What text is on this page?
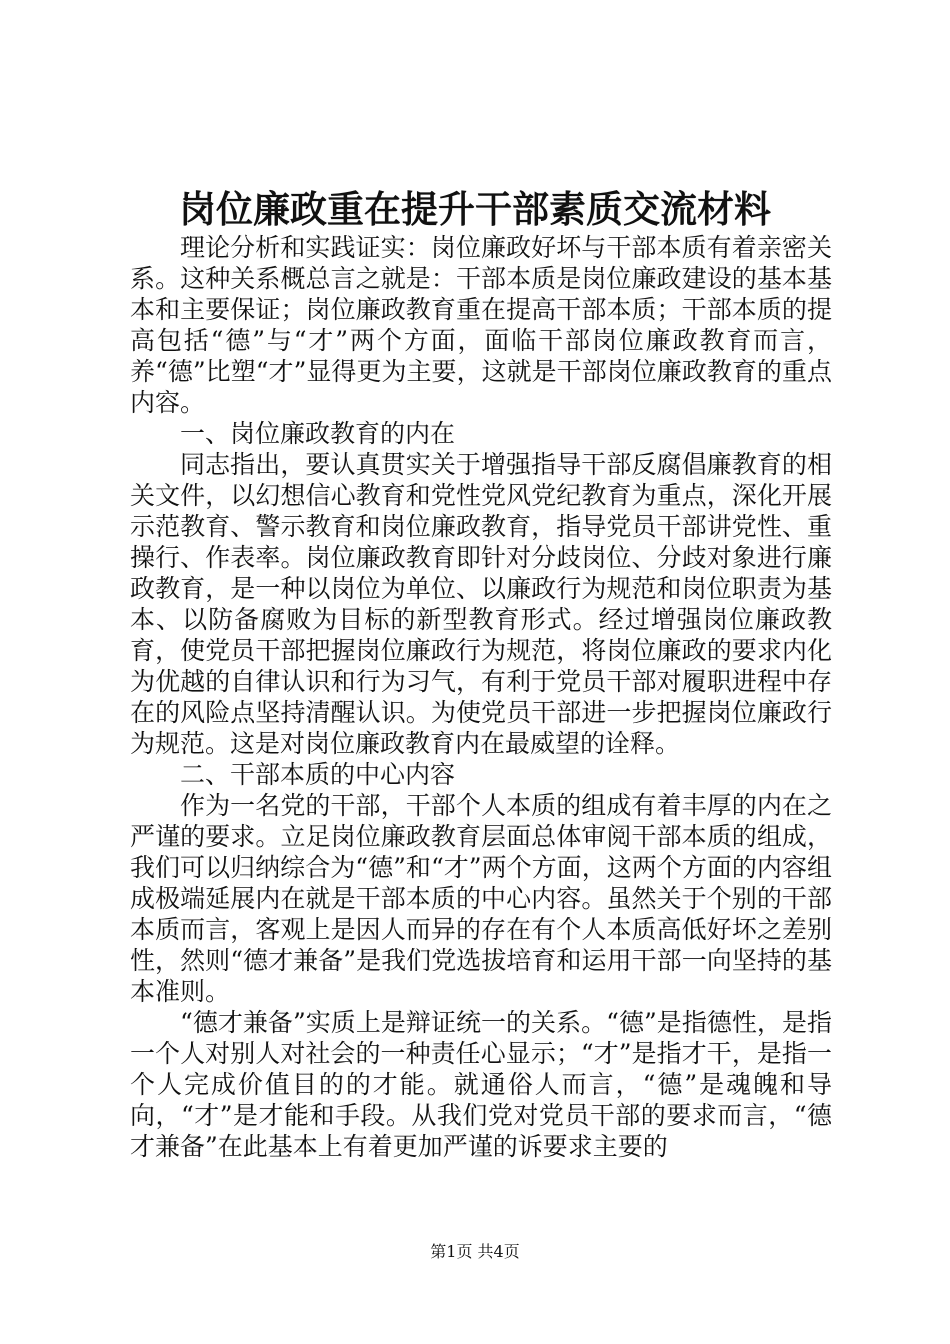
岗位廉政重在提升干部素质交流材料

理论分析和实践证实：岗位廉政好坏与干部本质有着亲密关系。这种关系概总言之就是：干部本质是岗位廉政建设的基本基本和主要保证；岗位廉政教育重在提高干部本质；干部本质的提高包括“德”与“才”两个方面，面临干部岗位廉政教育而言，养“德”比塑“才”显得更为主要，这就是干部岗位廉政教育的重点内容。

一、岗位廉政教育的内在

同志指出，要认真贯实关于增强指导干部反腐倡廉教育的相关文件，以幻想信心教育和党性党风党纪教育为重点，深化开展示范教育、警示教育和岗位廉政教育，指导党员干部讲党性、重操行、作表率。岗位廉政教育即针对分歧岗位、分歧对象进行廉政教育，是一种以岗位为单位、以廉政行为规范和岗位职责为基本、以防备腐败为目标的新型教育形式。经过增强岗位廉政教育，使党员干部把握岗位廉政行为规范，将岗位廉政的要求内化为优越的自律认识和行为习气，有利于党员干部对履职进程中存在的风险点坚持清醒认识。为使党员干部进一步把握岗位廉政行为规范。这是对岗位廉政教育内在最威望的诠释。

二、干部本质的中心内容

作为一名党的干部，干部个人本质的组成有着丰厚的内在之严谨的要求。立足岗位廉政教育层面总体审阅干部本质的组成，我们可以归纳综合为“德”和“才”两个方面，这两个方面的内容组成极端延展内在就是干部本质的中心内容。虽然关于个别的干部本质而言，客观上是因人而异的存在有个人本质高低好坏之差别性，然则“德才兼备”是我们党选拔培育和运用干部一向坚持的基本准则。

“德才兼备”实质上是辩证统一的关系。“德”是指德性，是指一个人对别人对社会的一种责任心显示；“才”是指才干，是指一个人完成价值目的的才能。就通俗人而言，“德”是魂魄和导向，“才”是才能和手段。从我们党对党员干部的要求而言，“德才兼备”在此基本上有着更加严谨的诉要求主要的

第1页 共4页
